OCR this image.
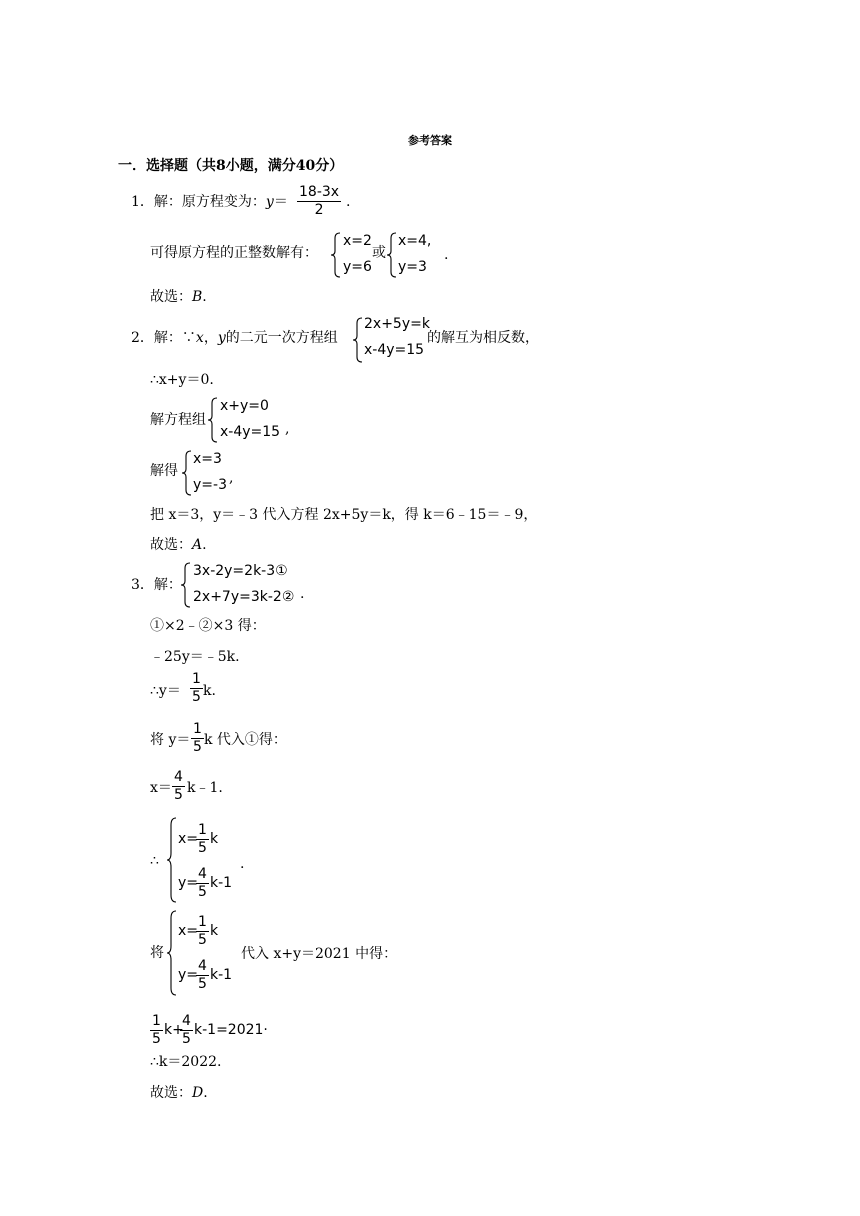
参考答案
一．选择题（共8小题，满分40分）
1．解：原方程变为：y＝
18-3x
2	.
可得原方程的正整数解有：
x=2
y=6
或
x=4,
y=3
.
故选：B.
2．解：∵x，y的二元一次方程组
2x+5y=k
x-4y=15
的解互为相反数，
∴x+y＝0.
解方程组
x+y=0
x-4y=15 ,
解得
x=3
y=-3 ,
把 x＝3，y＝﹣3 代入方程 2x+5y＝k，得 k＝6﹣15＝﹣9，
故选：A.
3．解：
3x-2y=2k-3①
2x+7y=3k-2② .
①×2﹣②×3 得：
﹣25y＝﹣5k.
∴y＝
1
5 k.
将 y＝
1
5 k 代入①得：
x＝
4
5 k﹣1.
∴
x=
1
5
k
y=
4
5
k-1
.
将
x=
1
5
k
y=
4
5
k-1
代入 x+y＝2021 中得：
1
5
k+
4
5
k-1=2021·
∴k＝2022.
故选：D.
